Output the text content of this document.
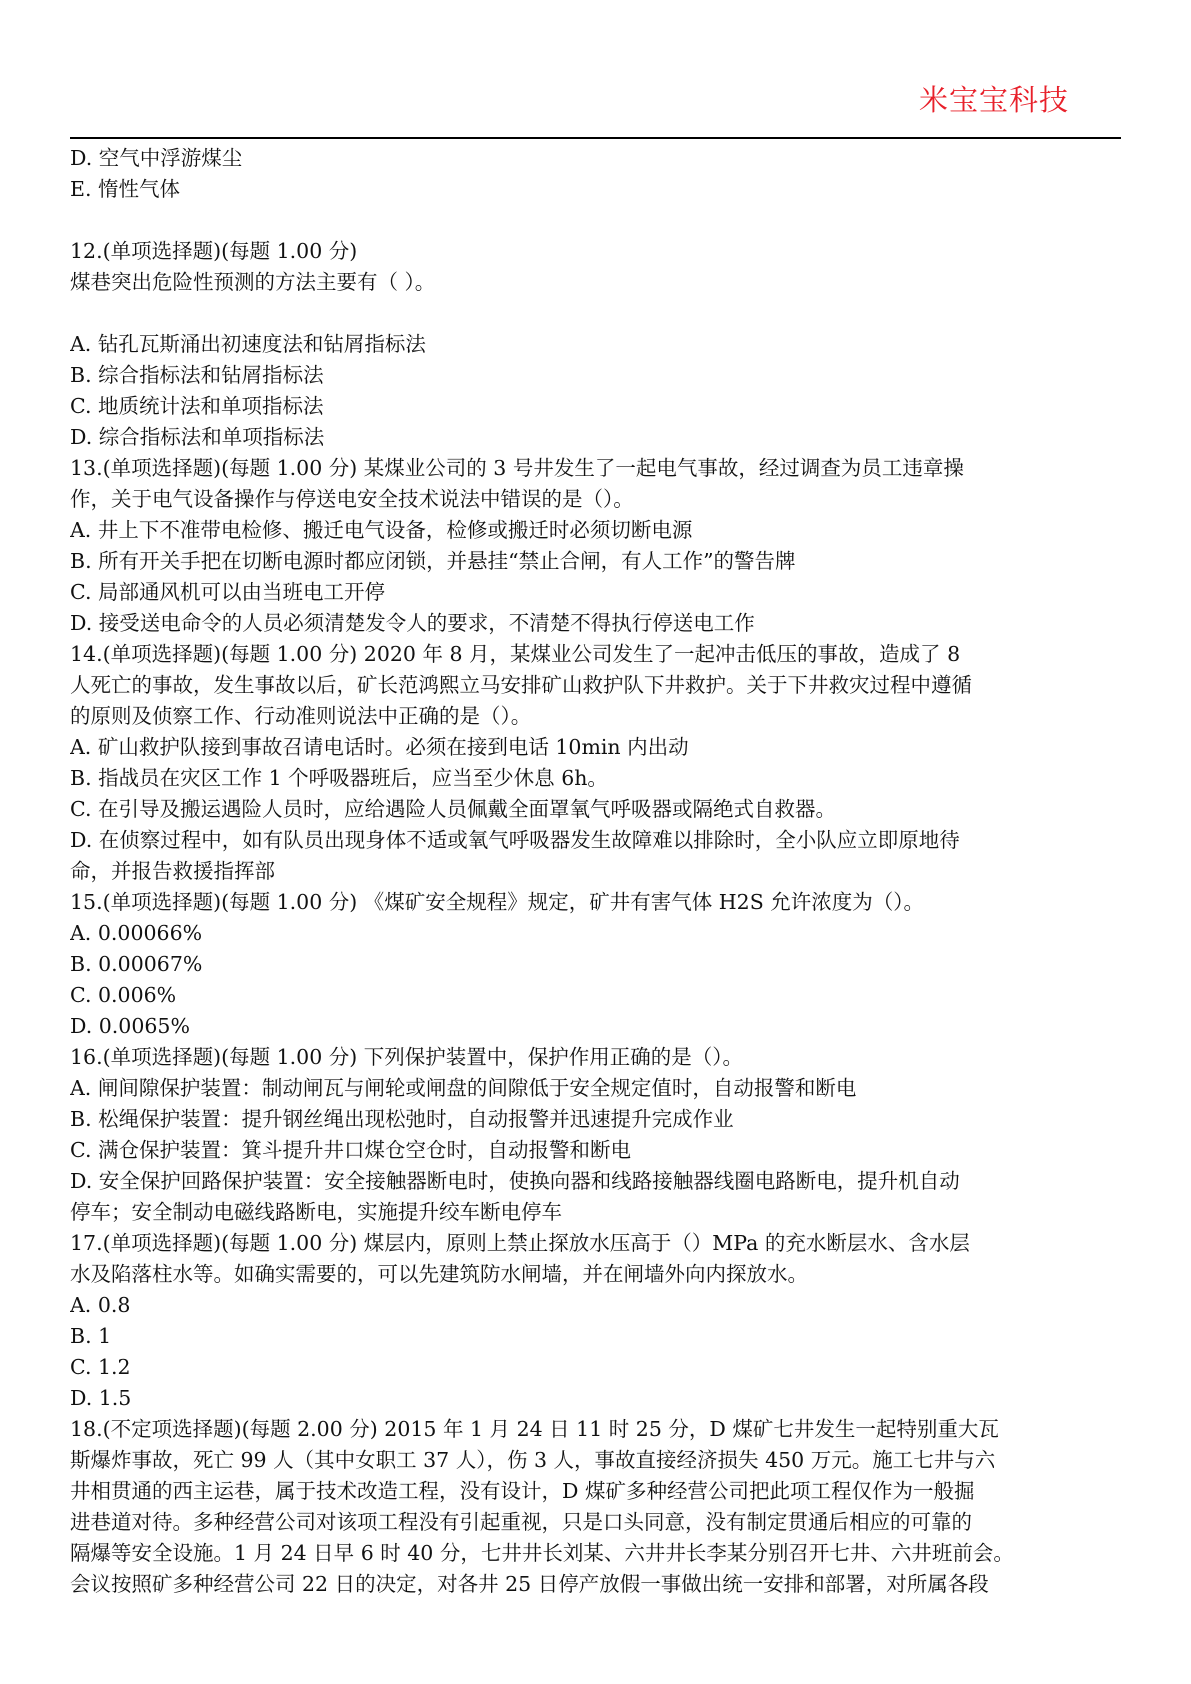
米宝宝科技
D. 空气中浮游煤尘
E. 惰性气体
12.(单项选择题)(每题 1.00 分)
煤巷突出危险性预测的方法主要有（ ）。
A. 钻孔瓦斯涌出初速度法和钻屑指标法
B. 综合指标法和钻屑指标法
C. 地质统计法和单项指标法
D. 综合指标法和单项指标法
13.(单项选择题)(每题 1.00 分) 某煤业公司的 3 号井发生了一起电气事故，经过调查为员工违章操
作，关于电气设备操作与停送电安全技术说法中错误的是（）。
A. 井上下不准带电检修、搬迁电气设备，检修或搬迁时必须切断电源
B. 所有开关手把在切断电源时都应闭锁，并悬挂“禁止合闸，有人工作”的警告牌
C. 局部通风机可以由当班电工开停
D. 接受送电命令的人员必须清楚发令人的要求，不清楚不得执行停送电工作
14.(单项选择题)(每题 1.00 分) 2020 年 8 月，某煤业公司发生了一起冲击低压的事故，造成了 8
人死亡的事故，发生事故以后，矿长范鸿熙立马安排矿山救护队下井救护。关于下井救灾过程中遵循
的原则及侦察工作、行动准则说法中正确的是（）。
A. 矿山救护队接到事故召请电话时。必须在接到电话 10min 内出动
B. 指战员在灾区工作 1 个呼吸器班后，应当至少休息 6h。
C. 在引导及搬运遇险人员时，应给遇险人员佩戴全面罩氧气呼吸器或隔绝式自救器。
D. 在侦察过程中，如有队员出现身体不适或氧气呼吸器发生故障难以排除时，全小队应立即原地待
命，并报告救援指挥部
15.(单项选择题)(每题 1.00 分) 《煤矿安全规程》规定，矿井有害气体 H2S 允许浓度为（）。
A. 0.00066%
B. 0.00067%
C. 0.006%
D. 0.0065%
16.(单项选择题)(每题 1.00 分) 下列保护装置中，保护作用正确的是（）。
A. 闸间隙保护装置：制动闸瓦与闸轮或闸盘的间隙低于安全规定值时，自动报警和断电
B. 松绳保护装置：提升钢丝绳出现松弛时，自动报警并迅速提升完成作业
C. 满仓保护装置：箕斗提升井口煤仓空仓时，自动报警和断电
D. 安全保护回路保护装置：安全接触器断电时，使换向器和线路接触器线圈电路断电，提升机自动
停车；安全制动电磁线路断电，实施提升绞车断电停车
17.(单项选择题)(每题 1.00 分) 煤层内，原则上禁止探放水压高于（）MPa 的充水断层水、含水层
水及陷落柱水等。如确实需要的，可以先建筑防水闸墙，并在闸墙外向内探放水。
A. 0.8
B. 1
C. 1.2
D. 1.5
18.(不定项选择题)(每题 2.00 分) 2015 年 1 月 24 日 11 时 25 分，D 煤矿七井发生一起特别重大瓦
斯爆炸事故，死亡 99 人（其中女职工 37 人），伤 3 人，事故直接经济损失 450 万元。施工七井与六
井相贯通的西主运巷，属于技术改造工程，没有设计，D 煤矿多种经营公司把此项工程仅作为一般掘
进巷道对待。多种经营公司对该项工程没有引起重视，只是口头同意，没有制定贯通后相应的可靠的
隔爆等安全设施。1 月 24 日早 6 时 40 分，七井井长刘某、六井井长李某分别召开七井、六井班前会。
会议按照矿多种经营公司 22 日的决定，对各井 25 日停产放假一事做出统一安排和部署，对所属各段
